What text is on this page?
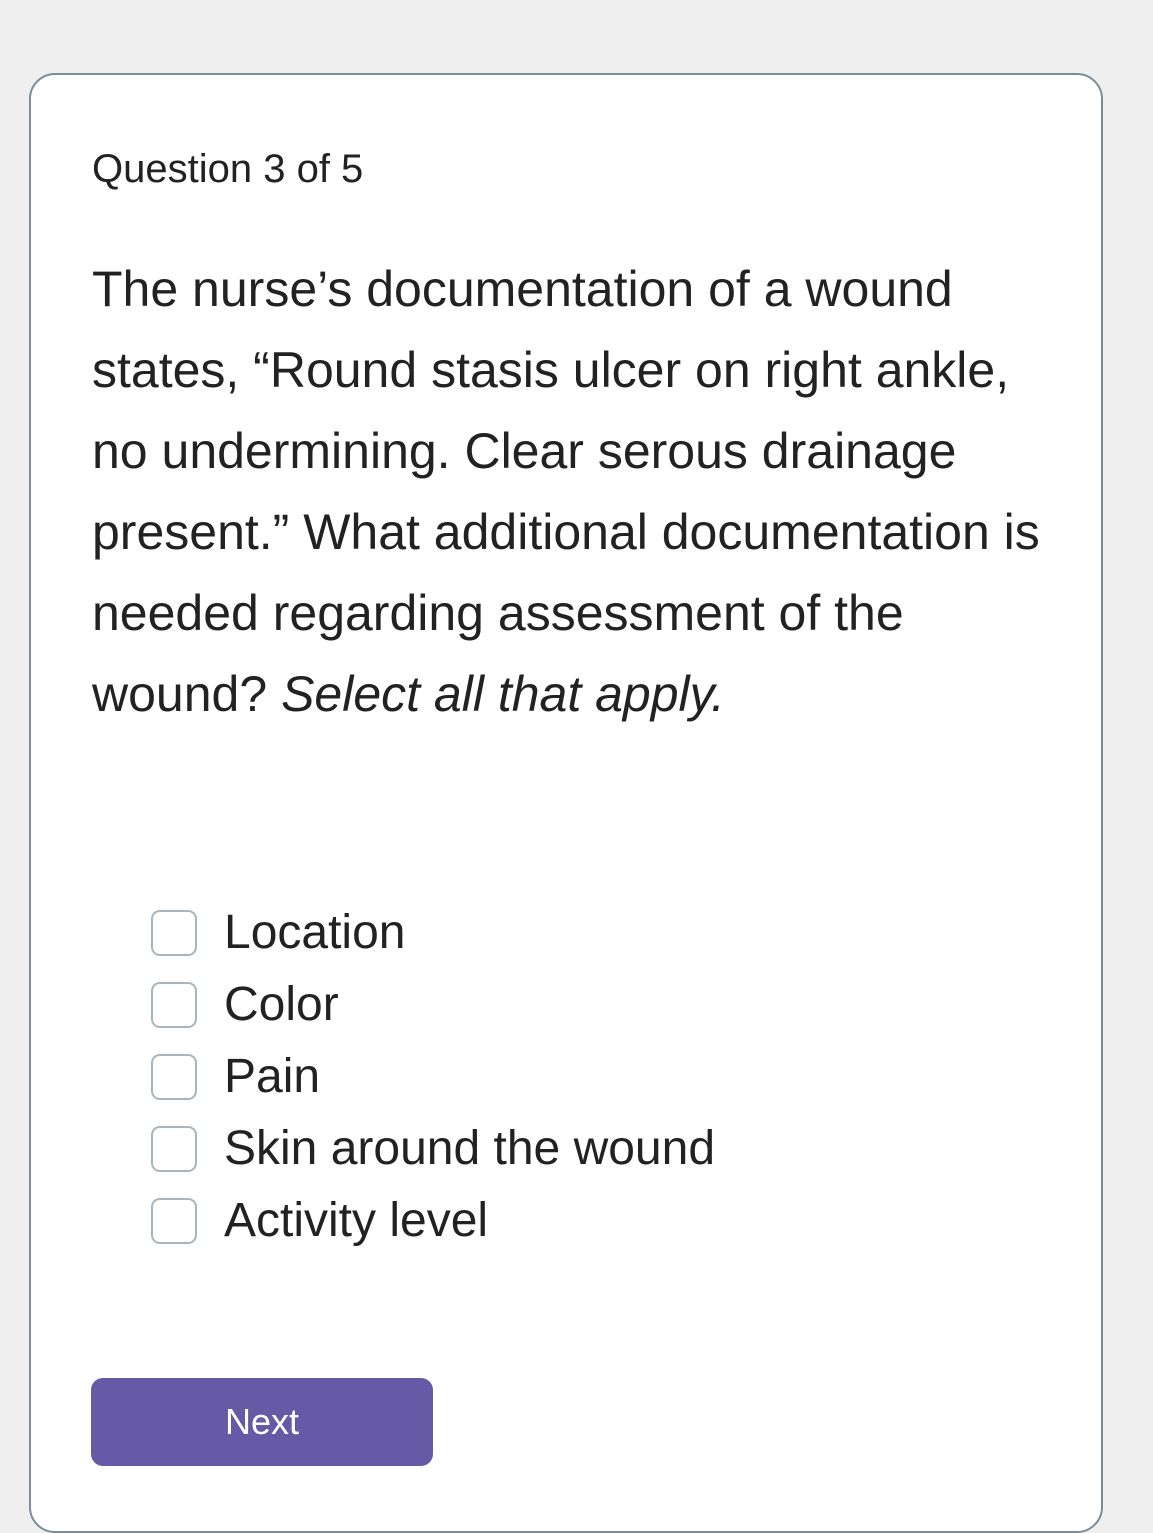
Question 3 of 5

The nurse’s documentation of a wound states, “Round stasis ulcer on right ankle, no undermining. Clear serous drainage present.” What additional documentation is needed regarding assessment of the wound? Select all that apply.

Location
Color
Pain
Skin around the wound
Activity level
Next
